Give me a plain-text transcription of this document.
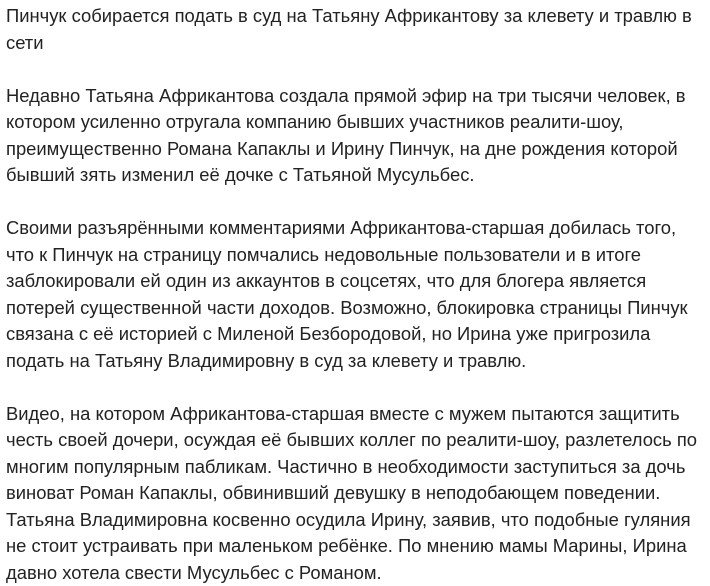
Пинчук собирается подать в суд на Татьяну Африкантову за клевету и травлю в сети

Недавно Татьяна Африкантова создала прямой эфир на три тысячи человек, в котором усиленно отругала компанию бывших участников реалити-шоу, преимущественно Романа Капаклы и Ирину Пинчук, на дне рождения которой бывший зять изменил её дочке с Татьяной Мусульбес.

Своими разъярёнными комментариями Африкантова-старшая добилась того, что к Пинчук на страницу помчались недовольные пользователи и в итоге заблокировали ей один из аккаунтов в соцсетях, что для блогера является потерей существенной части доходов. Возможно, блокировка страницы Пинчук связана с её историей с Миленой Безбородовой, но Ирина уже пригрозила подать на Татьяну Владимировну в суд за клевету и травлю.

Видео, на котором Африкантова-старшая вместе с мужем пытаются защитить честь своей дочери, осуждая её бывших коллег по реалити-шоу, разлетелось по многим популярным пабликам. Частично в необходимости заступиться за дочь виноват Роман Капаклы, обвинивший девушку в неподобающем поведении. Татьяна Владимировна косвенно осудила Ирину, заявив, что подобные гуляния не стоит устраивать при маленьком ребёнке. По мнению мамы Марины, Ирина давно хотела свести Мусульбес с Романом.
